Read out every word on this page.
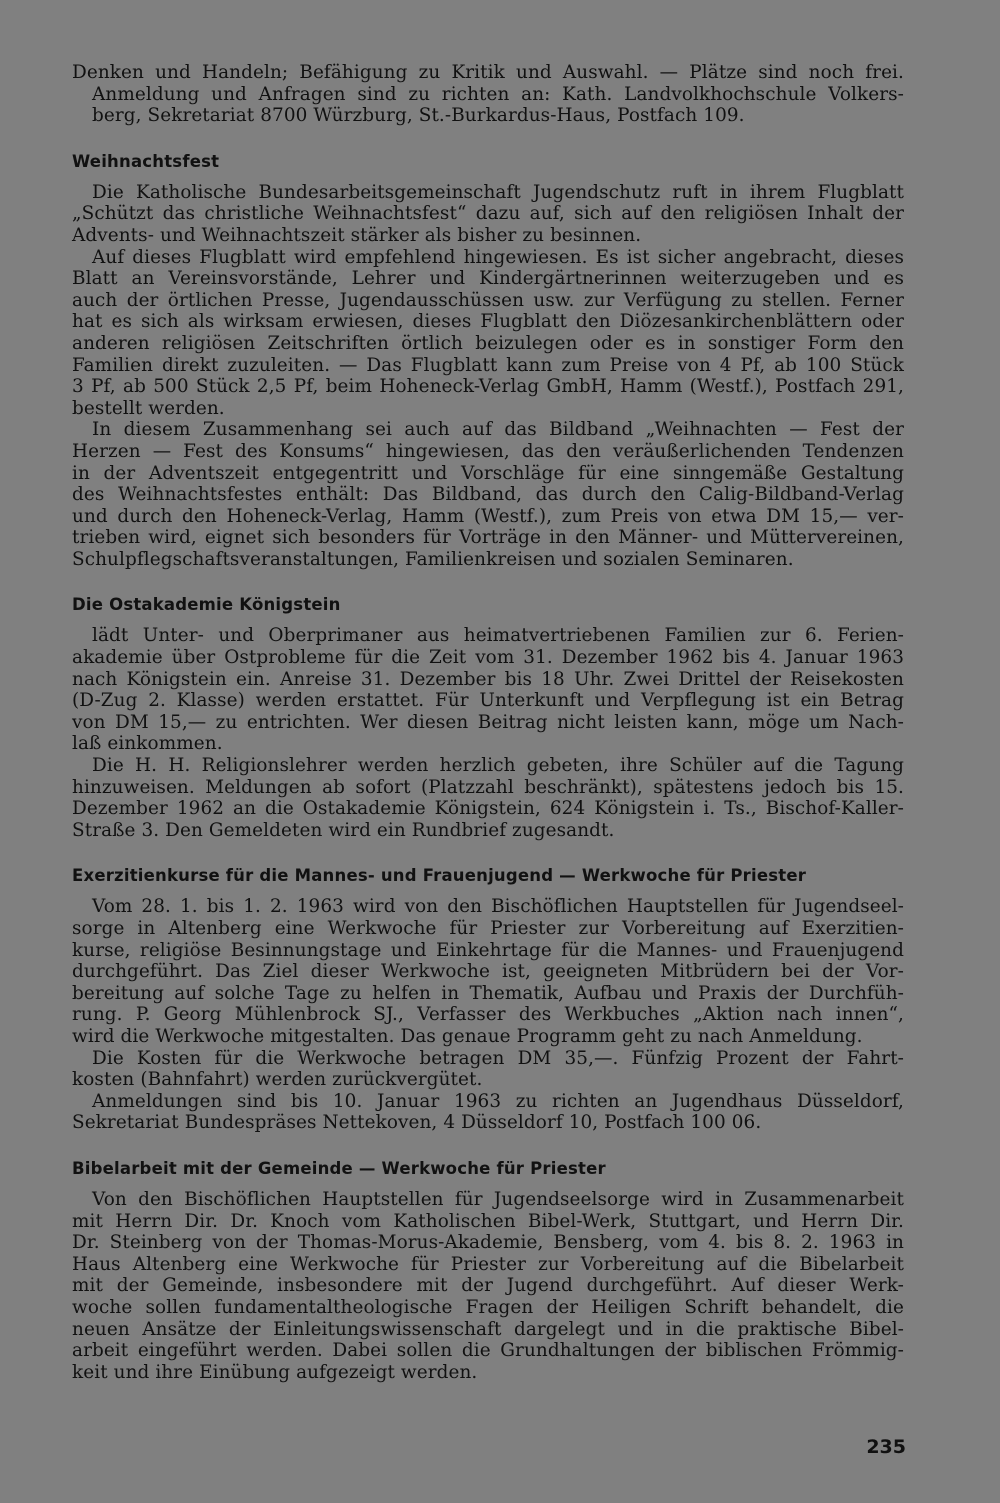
Denken und Handeln; Befähigung zu Kritik und Auswahl. — Plätze sind noch frei.
Anmeldung und Anfragen sind zu richten an: Kath. Landvolkhochschule Volkers-
berg, Sekretariat 8700 Würzburg, St.-Burkardus-Haus, Postfach 109.
Weihnachtsfest
Die Katholische Bundesarbeitsgemeinschaft Jugendschutz ruft in ihrem Flugblatt
„Schützt das christliche Weihnachtsfest“ dazu auf, sich auf den religiösen Inhalt der
Advents- und Weihnachtszeit stärker als bisher zu besinnen.
Auf dieses Flugblatt wird empfehlend hingewiesen. Es ist sicher angebracht, dieses
Blatt an Vereinsvorstände, Lehrer und Kindergärtnerinnen weiterzugeben und es
auch der örtlichen Presse, Jugendausschüssen usw. zur Verfügung zu stellen. Ferner
hat es sich als wirksam erwiesen, dieses Flugblatt den Diözesankirchenblättern oder
anderen religiösen Zeitschriften örtlich beizulegen oder es in sonstiger Form den
Familien direkt zuzuleiten. — Das Flugblatt kann zum Preise von 4 Pf, ab 100 Stück
3 Pf, ab 500 Stück 2,5 Pf, beim Hoheneck-Verlag GmbH, Hamm (Westf.), Postfach 291,
bestellt werden.
In diesem Zusammenhang sei auch auf das Bildband „Weihnachten — Fest der
Herzen — Fest des Konsums“ hingewiesen, das den veräußerlichenden Tendenzen
in der Adventszeit entgegentritt und Vorschläge für eine sinngemäße Gestaltung
des Weihnachtsfestes enthält: Das Bildband, das durch den Calig-Bildband-Verlag
und durch den Hoheneck-Verlag, Hamm (Westf.), zum Preis von etwa DM 15,— ver-
trieben wird, eignet sich besonders für Vorträge in den Männer- und Müttervereinen,
Schulpflegschaftsveranstaltungen, Familienkreisen und sozialen Seminaren.
Die Ostakademie Königstein
lädt Unter- und Oberprimaner aus heimatvertriebenen Familien zur 6. Ferien-
akademie über Ostprobleme für die Zeit vom 31. Dezember 1962 bis 4. Januar 1963
nach Königstein ein. Anreise 31. Dezember bis 18 Uhr. Zwei Drittel der Reisekosten
(D-Zug 2. Klasse) werden erstattet. Für Unterkunft und Verpflegung ist ein Betrag
von DM 15,— zu entrichten. Wer diesen Beitrag nicht leisten kann, möge um Nach-
laß einkommen.
Die H. H. Religionslehrer werden herzlich gebeten, ihre Schüler auf die Tagung
hinzuweisen. Meldungen ab sofort (Platzzahl beschränkt), spätestens jedoch bis 15.
Dezember 1962 an die Ostakademie Königstein, 624 Königstein i. Ts., Bischof-Kaller-
Straße 3. Den Gemeldeten wird ein Rundbrief zugesandt.
Exerzitienkurse für die Mannes- und Frauenjugend — Werkwoche für Priester
Vom 28. 1. bis 1. 2. 1963 wird von den Bischöflichen Hauptstellen für Jugendseel-
sorge in Altenberg eine Werkwoche für Priester zur Vorbereitung auf Exerzitien-
kurse, religiöse Besinnungstage und Einkehrtage für die Mannes- und Frauenjugend
durchgeführt. Das Ziel dieser Werkwoche ist, geeigneten Mitbrüdern bei der Vor-
bereitung auf solche Tage zu helfen in Thematik, Aufbau und Praxis der Durchfüh-
rung. P. Georg Mühlenbrock SJ., Verfasser des Werkbuches „Aktion nach innen“,
wird die Werkwoche mitgestalten. Das genaue Programm geht zu nach Anmeldung.
Die Kosten für die Werkwoche betragen DM 35,—. Fünfzig Prozent der Fahrt-
kosten (Bahnfahrt) werden zurückvergütet.
Anmeldungen sind bis 10. Januar 1963 zu richten an Jugendhaus Düsseldorf,
Sekretariat Bundespräses Nettekoven, 4 Düsseldorf 10, Postfach 100 06.
Bibelarbeit mit der Gemeinde — Werkwoche für Priester
Von den Bischöflichen Hauptstellen für Jugendseelsorge wird in Zusammenarbeit
mit Herrn Dir. Dr. Knoch vom Katholischen Bibel-Werk, Stuttgart, und Herrn Dir.
Dr. Steinberg von der Thomas-Morus-Akademie, Bensberg, vom 4. bis 8. 2. 1963 in
Haus Altenberg eine Werkwoche für Priester zur Vorbereitung auf die Bibelarbeit
mit der Gemeinde, insbesondere mit der Jugend durchgeführt. Auf dieser Werk-
woche sollen fundamentaltheologische Fragen der Heiligen Schrift behandelt, die
neuen Ansätze der Einleitungswissenschaft dargelegt und in die praktische Bibel-
arbeit eingeführt werden. Dabei sollen die Grundhaltungen der biblischen Frömmig-
keit und ihre Einübung aufgezeigt werden.
235
